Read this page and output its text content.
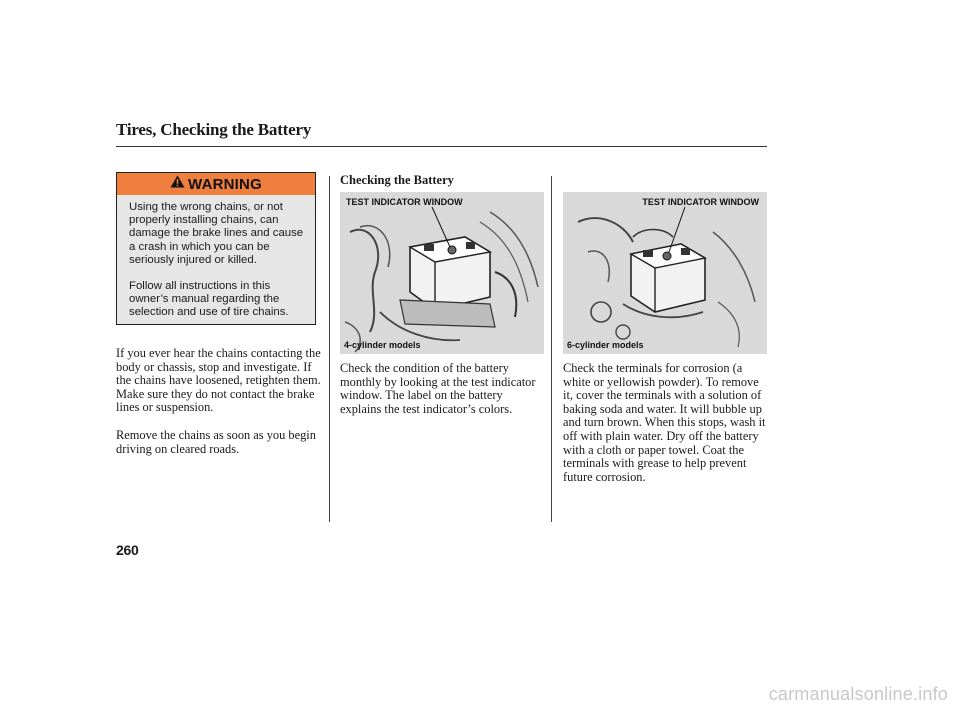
Tires, Checking the Battery
WARNING

Using the wrong chains, or not properly installing chains, can damage the brake lines and cause a crash in which you can be seriously injured or killed.

Follow all instructions in this owner’s manual regarding the selection and use of tire chains.

If you ever hear the chains contacting the body or chassis, stop and investigate. If the chains have loosened, retighten them. Make sure they do not contact the brake lines or suspension.

Remove the chains as soon as you begin driving on cleared roads.

Checking the Battery
TEST INDICATOR WINDOW
4-cylinder models

Check the condition of the battery monthly by looking at the test indicator window. The label on the battery explains the test indicator’s colors.

TEST INDICATOR WINDOW
6-cylinder models

Check the terminals for corrosion (a white or yellowish powder). To remove it, cover the terminals with a solution of baking soda and water. It will bubble up and turn brown. When this stops, wash it off with plain water. Dry off the battery with a cloth or paper towel. Coat the terminals with grease to help prevent future corrosion.

260
carmanualsonline.info
